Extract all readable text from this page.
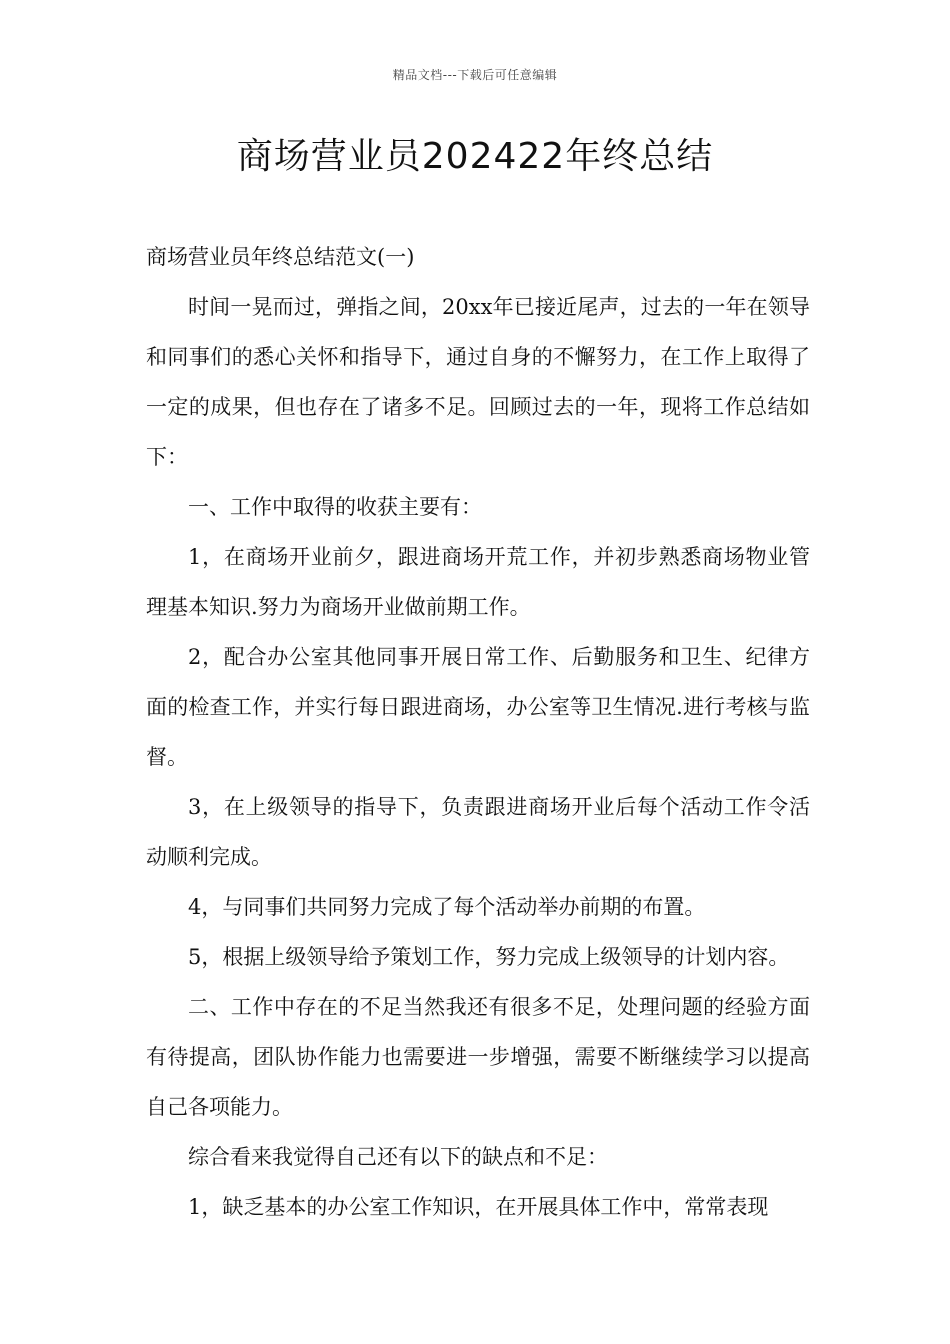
精品文档---下载后可任意编辑
商场营业员202422年终总结

商场营业员年终总结范文(一)

时间一晃而过，弹指之间，20xx年已接近尾声，过去的一年在领导和同事们的悉心关怀和指导下，通过自身的不懈努力，在工作上取得了一定的成果，但也存在了诸多不足。回顾过去的一年，现将工作总结如下：

一、工作中取得的收获主要有：

1，在商场开业前夕，跟进商场开荒工作，并初步熟悉商场物业管理基本知识.努力为商场开业做前期工作。

2，配合办公室其他同事开展日常工作、后勤服务和卫生、纪律方面的检查工作，并实行每日跟进商场，办公室等卫生情况.进行考核与监督。

3，在上级领导的指导下，负责跟进商场开业后每个活动工作令活动顺利完成。

4，与同事们共同努力完成了每个活动举办前期的布置。

5，根据上级领导给予策划工作，努力完成上级领导的计划内容。

二、工作中存在的不足当然我还有很多不足，处理问题的经验方面有待提高，团队协作能力也需要进一步增强，需要不断继续学习以提高自己各项能力。

综合看来我觉得自己还有以下的缺点和不足：

1，缺乏基本的办公室工作知识，在开展具体工作中，常常表现
